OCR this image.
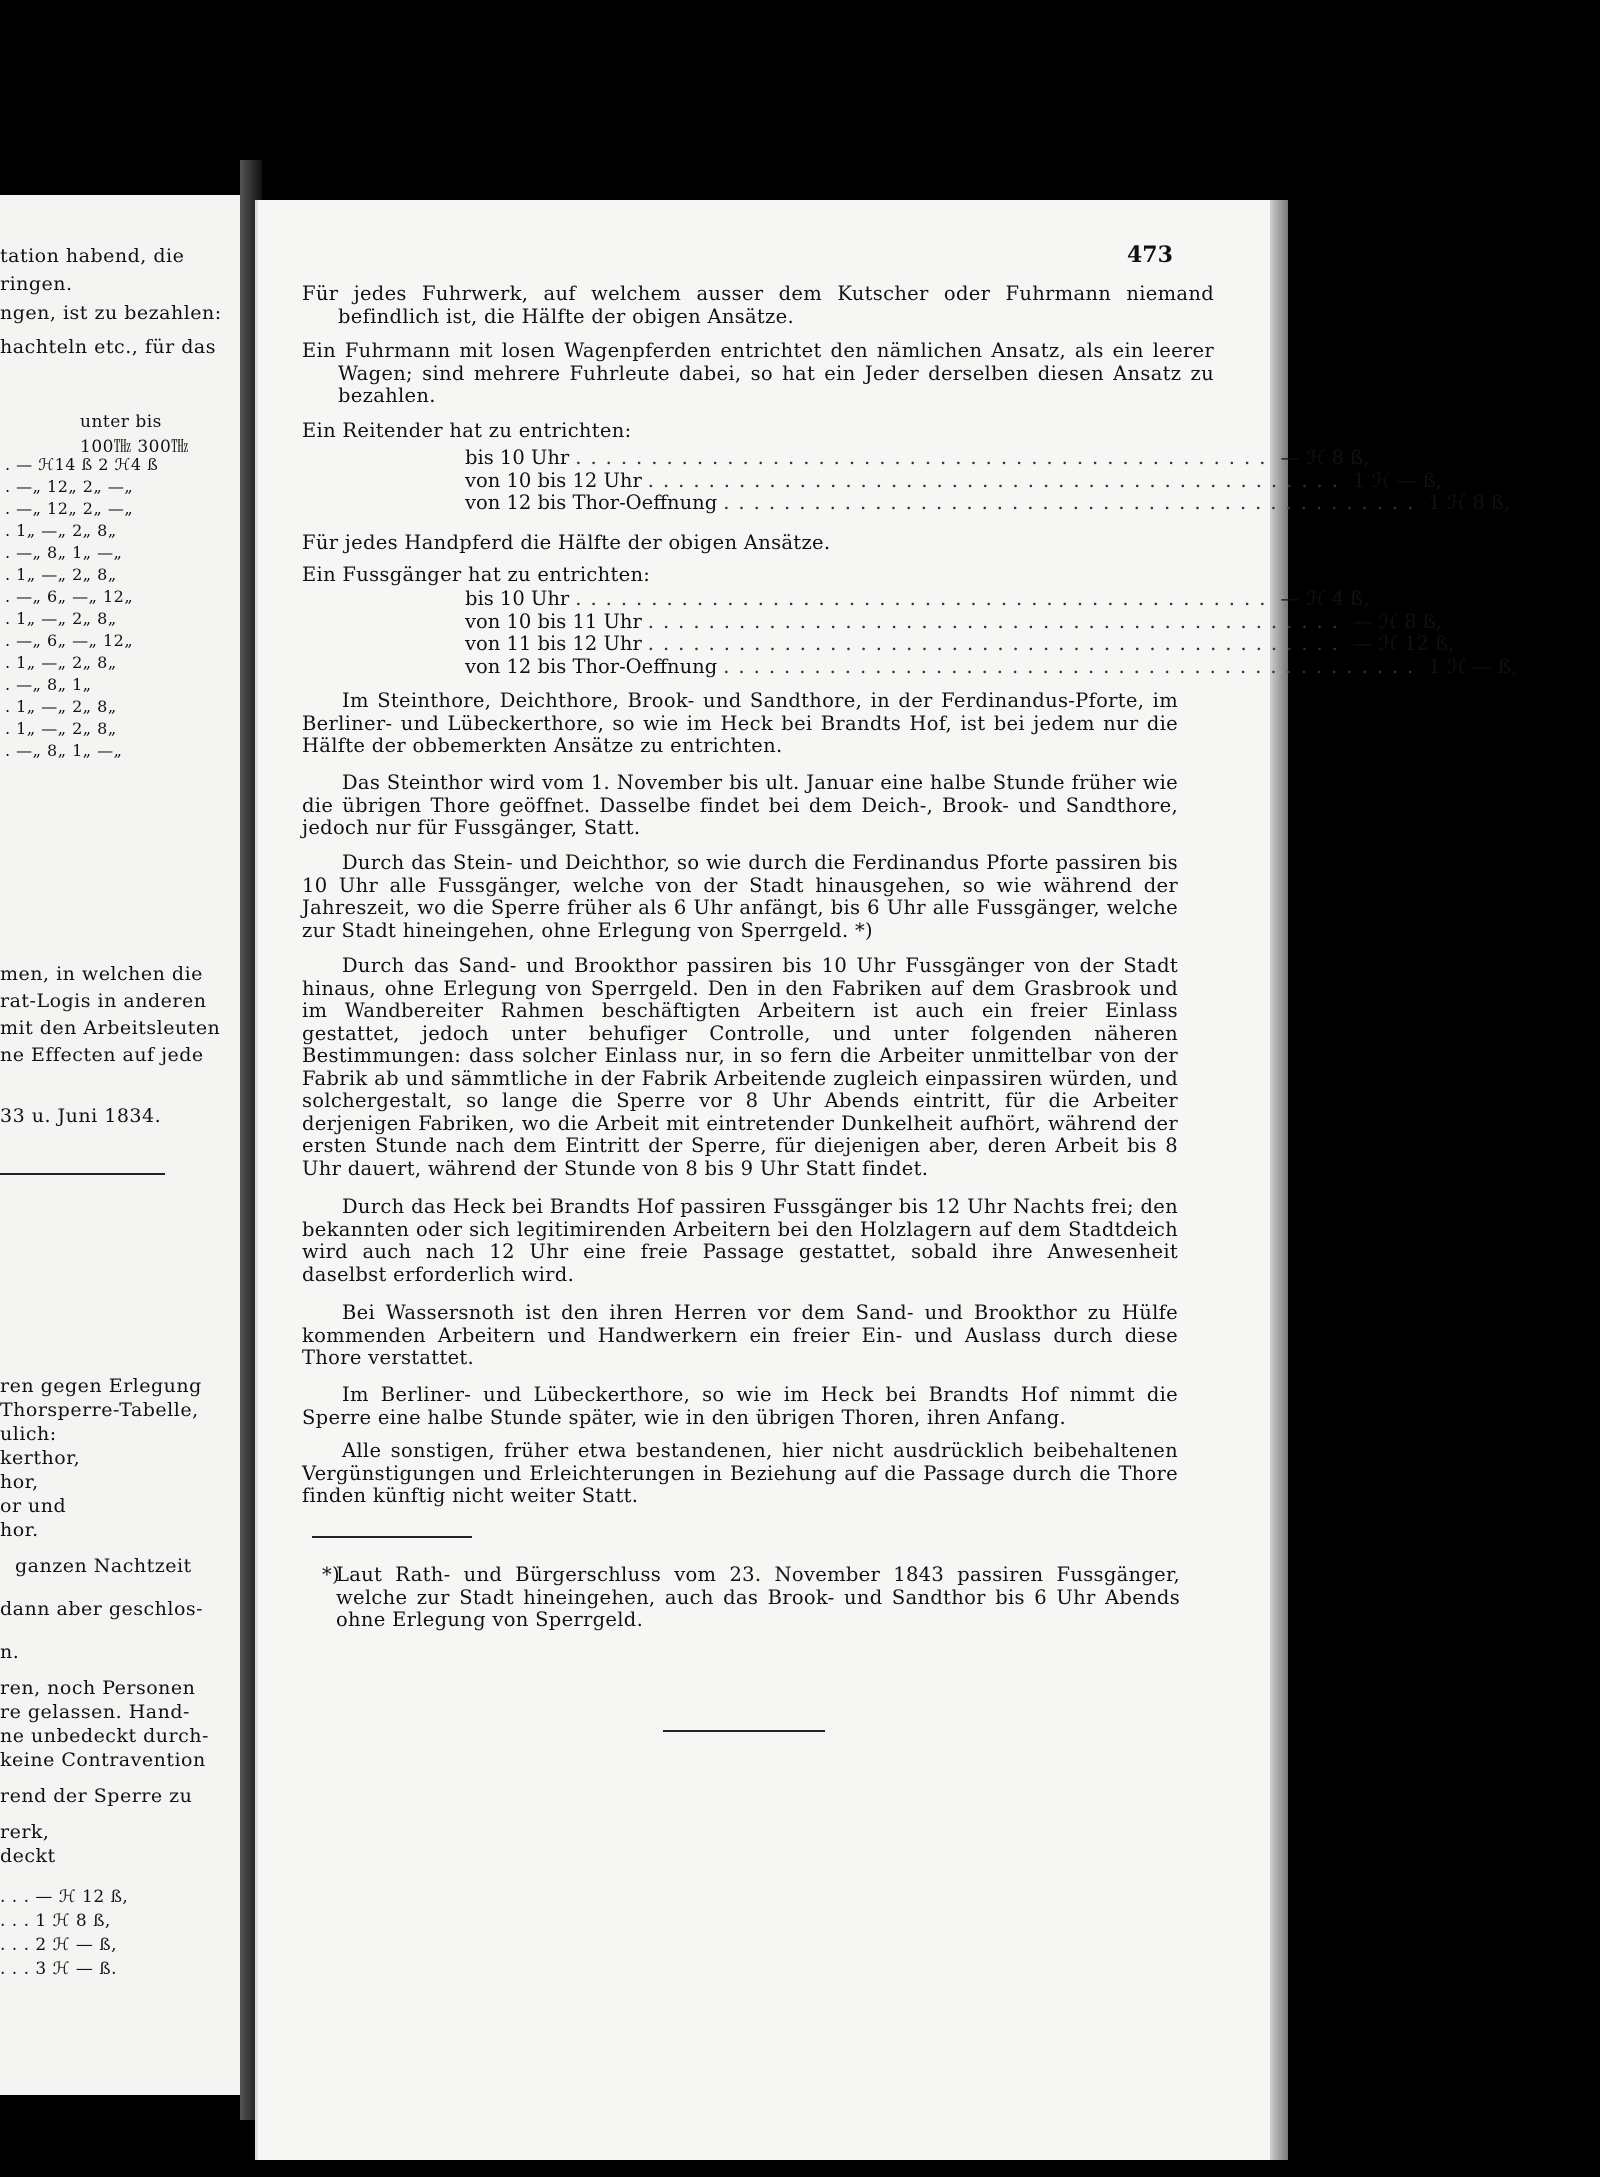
tation habend, die
ringen.
ngen, ist zu bezahlen:
hachteln etc., für das
unter bis
100㎔ 300㎔
. — ℋ14 ß 2 ℋ4 ß
. —„ 12„ 2„ —„
. —„ 12„ 2„ —„
. 1„ —„ 2„ 8„
. —„ 8„ 1„ —„
. 1„ —„ 2„ 8„
. —„ 6„ —„ 12„
. 1„ —„ 2„ 8„
. —„ 6„ —„ 12„
. 1„ —„ 2„ 8„
. —„ 8„ 1„
. 1„ —„ 2„ 8„
. 1„ —„ 2„ 8„
. —„ 8„ 1„ —„
men, in welchen die
rat-Logis in anderen
mit den Arbeitsleuten
ne Effecten auf jede
33 u. Juni 1834.
ren gegen Erlegung
Thorsperre-Tabelle,
ulich:
kerthor,
hor,
or und
hor.
ganzen Nachtzeit
dann aber geschlos-
n.
ren, noch Personen
re gelassen. Hand-
ne unbedeckt durch-
keine Contravention
rend der Sperre zu
rerk,
deckt
. . . — ℋ 12 ß,
. . . 1 ℋ 8 ß,
. . . 2 ℋ — ß,
. . . 3 ℋ — ß.
473
Für jedes Fuhrwerk, auf welchem ausser dem Kutscher oder Fuhrmann niemand befindlich ist, die Hälfte der obigen Ansätze.
Ein Fuhrmann mit losen Wagenpferden entrichtet den nämlichen Ansatz, als ein leerer Wagen; sind mehrere Fuhrleute dabei, so hat ein Jeder derselben diesen Ansatz zu bezahlen.
Ein Reitender hat zu entrichten:
bis 10 Uhr .............................................. — ℋ 8 ß,
von 10 bis 12 Uhr .............................................. 1 ℋ — ß,
von 12 bis Thor-Oeffnung .............................................. 1 ℋ 8 ß,
Für jedes Handpferd die Hälfte der obigen Ansätze.
Ein Fussgänger hat zu entrichten:
bis 10 Uhr .............................................. — ℋ 4 ß,
von 10 bis 11 Uhr .............................................. — ℋ 8 ß,
von 11 bis 12 Uhr .............................................. — ℋ 12 ß,
von 12 bis Thor-Oeffnung .............................................. 1 ℋ — ß,
Im Steinthore, Deichthore, Brook- und Sandthore, in der Ferdinandus-Pforte, im Berliner- und Lübeckerthore, so wie im Heck bei Brandts Hof, ist bei jedem nur die Hälfte der obbemerkten Ansätze zu entrichten.
Das Steinthor wird vom 1. November bis ult. Januar eine halbe Stunde früher wie die übrigen Thore geöffnet. Dasselbe findet bei dem Deich-, Brook- und Sandthore, jedoch nur für Fussgänger, Statt.
Durch das Stein- und Deichthor, so wie durch die Ferdinandus Pforte passiren bis 10 Uhr alle Fussgänger, welche von der Stadt hinausgehen, so wie während der Jahreszeit, wo die Sperre früher als 6 Uhr anfängt, bis 6 Uhr alle Fussgänger, welche zur Stadt hineingehen, ohne Erlegung von Sperrgeld. *)
Durch das Sand- und Brookthor passiren bis 10 Uhr Fussgänger von der Stadt hinaus, ohne Erlegung von Sperrgeld. Den in den Fabriken auf dem Grasbrook und im Wandbereiter Rahmen beschäftigten Arbeitern ist auch ein freier Einlass gestattet, jedoch unter behufiger Controlle, und unter folgenden näheren Bestimmungen: dass solcher Einlass nur, in so fern die Arbeiter unmittelbar von der Fabrik ab und sämmtliche in der Fabrik Arbeitende zugleich einpassiren würden, und solchergestalt, so lange die Sperre vor 8 Uhr Abends eintritt, für die Arbeiter derjenigen Fabriken, wo die Arbeit mit eintretender Dunkelheit aufhört, während der ersten Stunde nach dem Eintritt der Sperre, für diejenigen aber, deren Arbeit bis 8 Uhr dauert, während der Stunde von 8 bis 9 Uhr Statt findet.
Durch das Heck bei Brandts Hof passiren Fussgänger bis 12 Uhr Nachts frei; den bekannten oder sich legitimirenden Arbeitern bei den Holzlagern auf dem Stadtdeich wird auch nach 12 Uhr eine freie Passage gestattet, sobald ihre Anwesenheit daselbst erforderlich wird.
Bei Wassersnoth ist den ihren Herren vor dem Sand- und Brookthor zu Hülfe kommenden Arbeitern und Handwerkern ein freier Ein- und Auslass durch diese Thore verstattet.
Im Berliner- und Lübeckerthore, so wie im Heck bei Brandts Hof nimmt die Sperre eine halbe Stunde später, wie in den übrigen Thoren, ihren Anfang.
Alle sonstigen, früher etwa bestandenen, hier nicht ausdrücklich beibehaltenen Vergünstigungen und Erleichterungen in Beziehung auf die Passage durch die Thore finden künftig nicht weiter Statt.
*)
Laut Rath- und Bürgerschluss vom 23. November 1843 passiren Fussgänger, welche zur Stadt hineingehen, auch das Brook- und Sandthor bis 6 Uhr Abends ohne Erlegung von Sperrgeld.
